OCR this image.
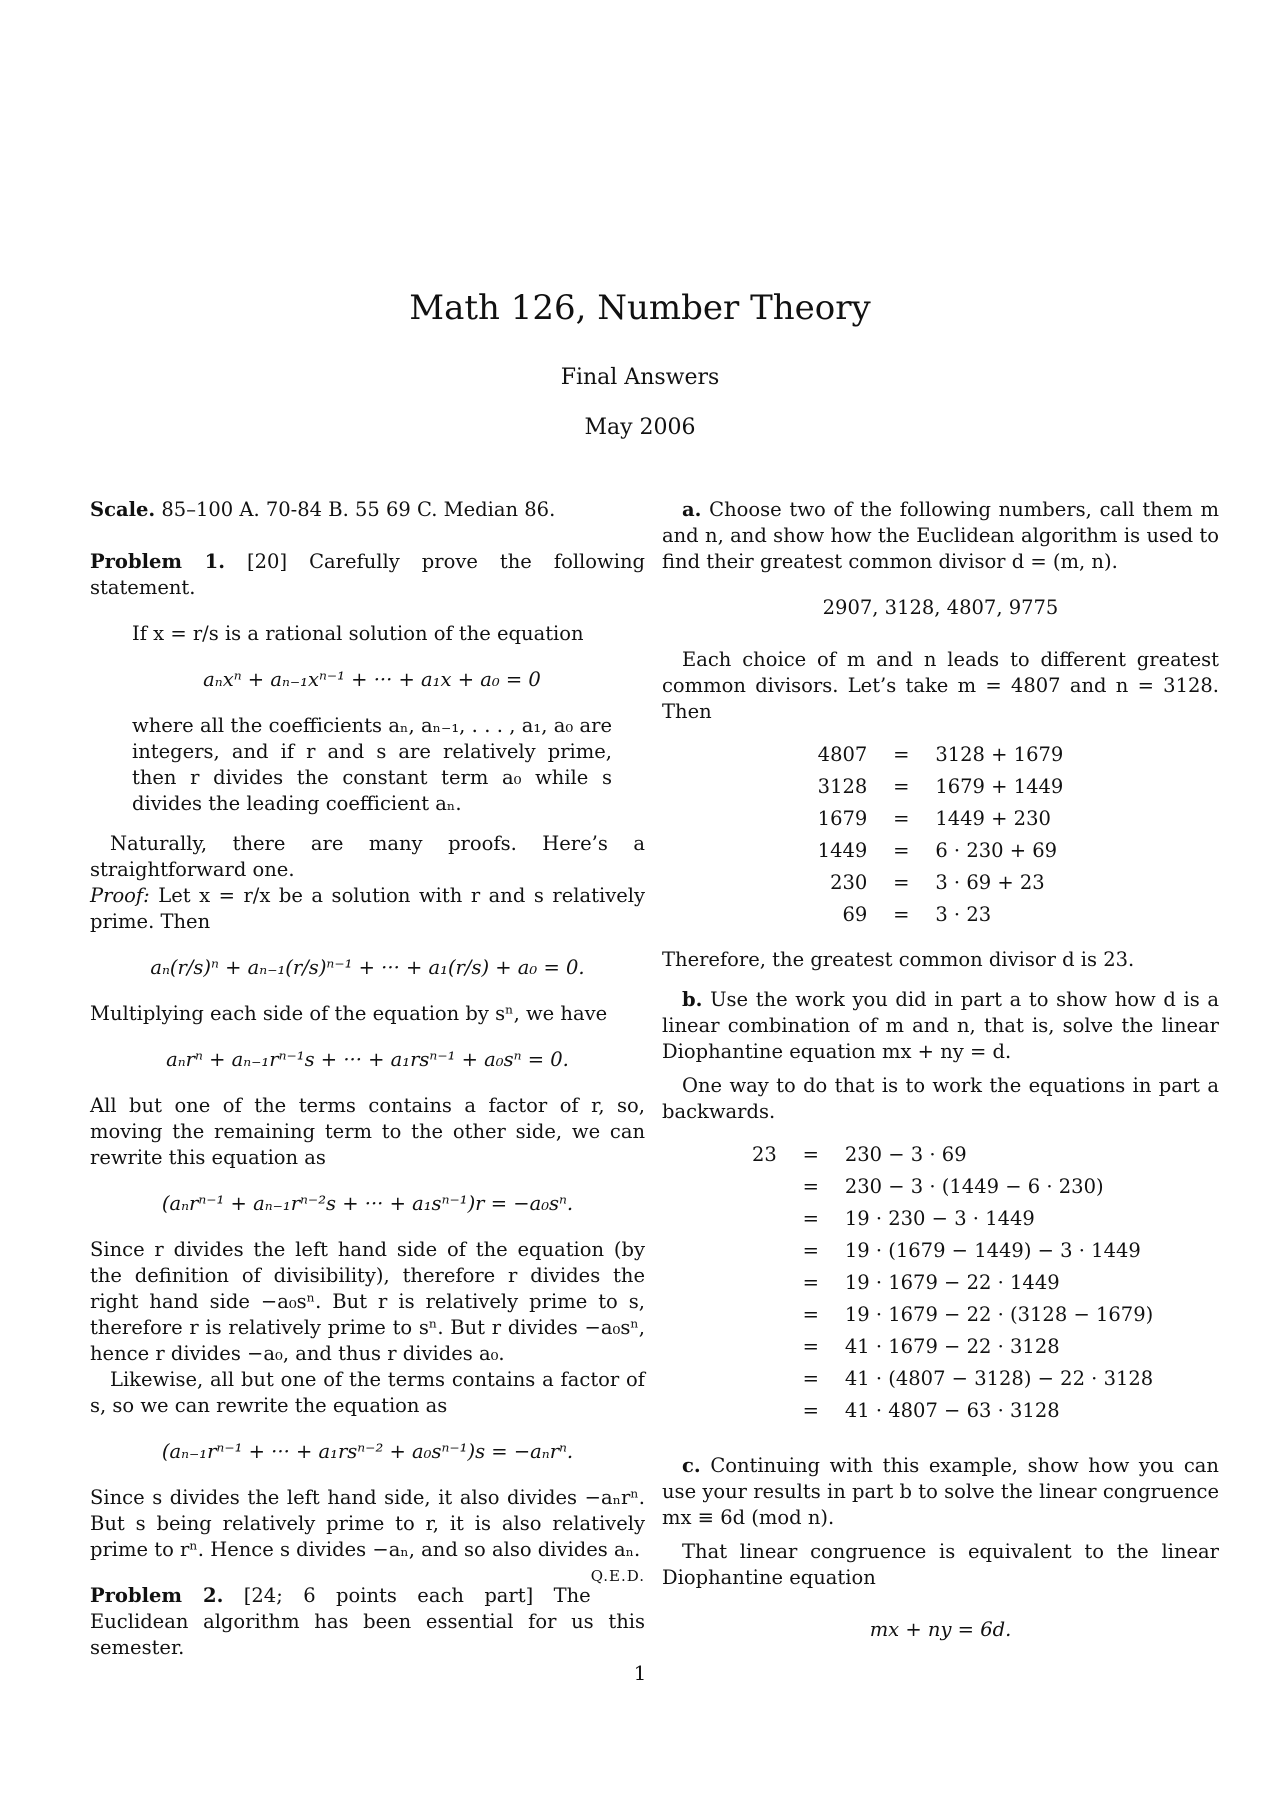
Math 126, Number Theory
Final Answers
May 2006

Scale. 85–100 A. 70-84 B. 55 69 C. Median 86.

Problem 1. [20] Carefully prove the following statement.

If x = r/s is a rational solution of the equation

aₙxⁿ + aₙ₋₁xⁿ⁻¹ + ··· + a₁x + a₀ = 0

where all the coefficients aₙ, aₙ₋₁, . . . , a₁, a₀ are integers, and if r and s are relatively prime, then r divides the constant term a₀ while s divides the leading coefficient aₙ.

Naturally, there are many proofs. Here’s a straightforward one.

Proof: Let x = r/x be a solution with r and s relatively prime. Then

aₙ(r/s)ⁿ + aₙ₋₁(r/s)ⁿ⁻¹ + ··· + a₁(r/s) + a₀ = 0.

Multiplying each side of the equation by sⁿ, we have

aₙrⁿ + aₙ₋₁rⁿ⁻¹s + ··· + a₁rsⁿ⁻¹ + a₀sⁿ = 0.

All but one of the terms contains a factor of r, so, moving the remaining term to the other side, we can rewrite this equation as

(aₙrⁿ⁻¹ + aₙ₋₁rⁿ⁻²s + ··· + a₁sⁿ⁻¹)r = −a₀sⁿ.

Since r divides the left hand side of the equation (by the definition of divisibility), therefore r divides the right hand side −a₀sⁿ. But r is relatively prime to s, therefore r is relatively prime to sⁿ. But r divides −a₀sⁿ, hence r divides −a₀, and thus r divides a₀.

Likewise, all but one of the terms contains a factor of s, so we can rewrite the equation as

(aₙ₋₁rⁿ⁻¹ + ··· + a₁rsⁿ⁻² + a₀sⁿ⁻¹)s = −aₙrⁿ.

Since s divides the left hand side, it also divides −aₙrⁿ. But s being relatively prime to r, it is also relatively prime to rⁿ. Hence s divides −aₙ, and so also divides aₙ.
Q.E.D.

Problem 2. [24; 6 points each part] The Euclidean algorithm has been essential for us this semester.

a. Choose two of the following numbers, call them m and n, and show how the Euclidean algorithm is used to find their greatest common divisor d = (m, n).

2907, 3128, 4807, 9775

Each choice of m and n leads to different greatest common divisors. Let’s take m = 4807 and n = 3128. Then

4807	=	3128 + 1679
3128	=	1679 + 1449
1679	=	1449 + 230
1449	=	6 · 230 + 69
230	=	3 · 69 + 23
69	=	3 · 23

Therefore, the greatest common divisor d is 23.

b. Use the work you did in part a to show how d is a linear combination of m and n, that is, solve the linear Diophantine equation mx + ny = d.

One way to do that is to work the equations in part a backwards.

23	=	230 − 3 · 69
	=	230 − 3 · (1449 − 6 · 230)
	=	19 · 230 − 3 · 1449
	=	19 · (1679 − 1449) − 3 · 1449
	=	19 · 1679 − 22 · 1449
	=	19 · 1679 − 22 · (3128 − 1679)
	=	41 · 1679 − 22 · 3128
	=	41 · (4807 − 3128) − 22 · 3128
	=	41 · 4807 − 63 · 3128

c. Continuing with this example, show how you can use your results in part b to solve the linear congruence mx ≡ 6d (mod n).

That linear congruence is equivalent to the linear Diophantine equation

mx + ny = 6d.

1
